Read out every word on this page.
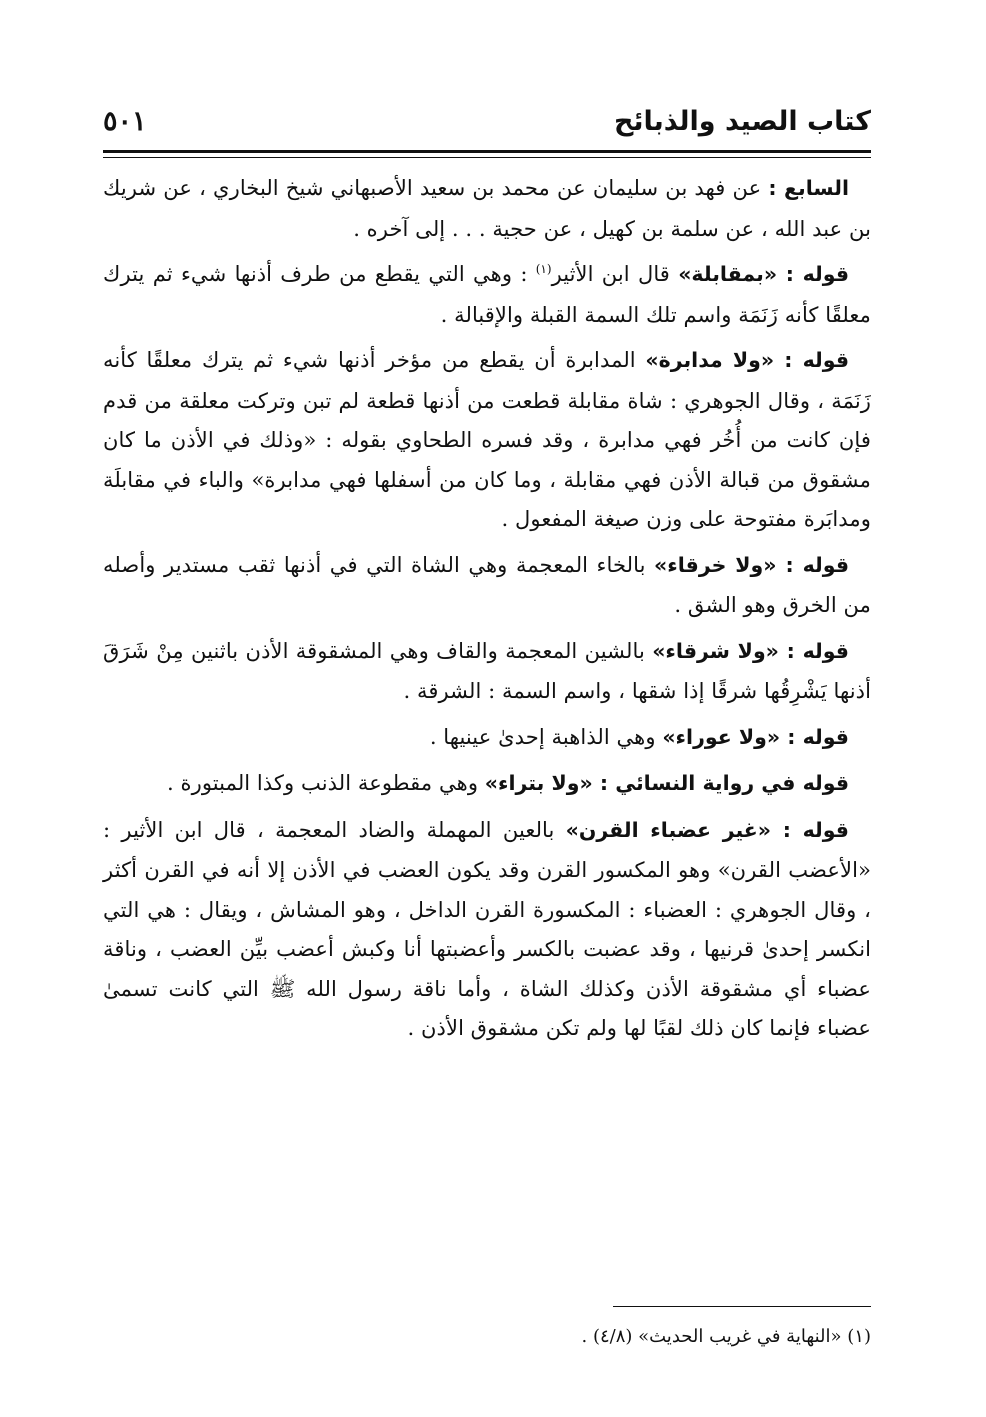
كتاب الصيد والذبائح
٥٠١

السابع : عن فهد بن سليمان عن محمد بن سعيد الأصبهاني شيخ البخاري ، عن شريك بن عبد الله ، عن سلمة بن كهيل ، عن حجية . . . إلى آخره .

قوله : «بمقابلة» قال ابن الأثير$^{(١)}$ : وهي التي يقطع من طرف أذنها شيء ثم يترك معلقًا كأنه زَنَمَة واسم تلك السمة القبلة والإقبالة .

قوله : «ولا مدابرة» المدابرة أن يقطع من مؤخر أذنها شيء ثم يترك معلقًا كأنه زَنَمَة ، وقال الجوهري : شاة مقابلة قطعت من أذنها قطعة لم تبن وتركت معلقة من قدم فإن كانت من أُخُر فهي مدابرة ، وقد فسره الطحاوي بقوله : «وذلك في الأذن ما كان مشقوق من قبالة الأذن فهي مقابلة ، وما كان من أسفلها فهي مدابرة» والباء في مقابلَة ومدابَرة مفتوحة على وزن صيغة المفعول .

قوله : «ولا خرقاء» بالخاء المعجمة وهي الشاة التي في أذنها ثقب مستدير وأصله من الخرق وهو الشق .

قوله : «ولا شرقاء» بالشين المعجمة والقاف وهي المشقوقة الأذن باثنين مِنْ شَرَقَ أذنها يَشْرِقُها شرقًا إذا شقها ، واسم السمة : الشرقة .

قوله : «ولا عوراء» وهي الذاهبة إحدىٰ عينيها .

قوله في رواية النسائي : «ولا بتراء» وهي مقطوعة الذنب وكذا المبتورة .

قوله : «غير عضباء القرن» بالعين المهملة والضاد المعجمة ، قال ابن الأثير : «الأعضب القرن» وهو المكسور القرن وقد يكون العضب في الأذن إلا أنه في القرن أكثر ، وقال الجوهري : العضباء : المكسورة القرن الداخل ، وهو المشاش ، ويقال : هي التي انكسر إحدىٰ قرنيها ، وقد عضبت بالكسر وأعضبتها أنا وكبش أعضب بيِّن العضب ، وناقة عضباء أي مشقوقة الأذن وكذلك الشاة ، وأما ناقة رسول الله ﷺ التي كانت تسمىٰ عضباء فإنما كان ذلك لقبًا لها ولم تكن مشقوق الأذن .

(١) «النهاية في غريب الحديث» (٤/٨) .
